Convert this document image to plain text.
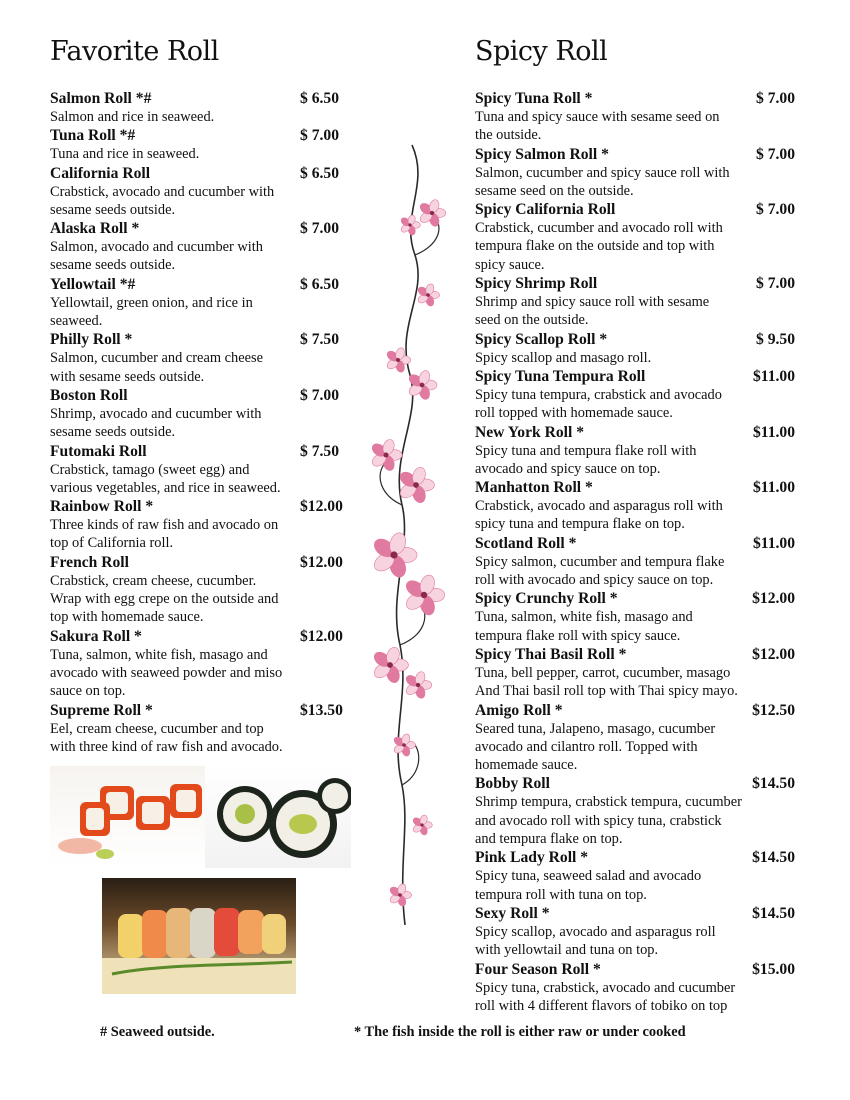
Favorite Roll
Salmon Roll *#	$ 6.50
Salmon and rice in seaweed.
Tuna Roll *#	$ 7.00
Tuna and rice in seaweed.
California Roll	$ 6.50
Crabstick, avocado and cucumber with
sesame seeds outside.
Alaska Roll *	$ 7.00
Salmon, avocado and cucumber with
sesame seeds outside.
Yellowtail *#	$ 6.50
Yellowtail, green onion, and rice in
seaweed.
Philly Roll *	$ 7.50
Salmon, cucumber and cream cheese
with sesame seeds outside.
Boston Roll	$ 7.00
Shrimp, avocado and cucumber with
sesame seeds outside.
Futomaki Roll	$ 7.50
Crabstick, tamago (sweet egg) and
various vegetables, and rice in seaweed.
Rainbow Roll *	$12.00
Three kinds of raw fish and avocado on
top of California roll.
French Roll	$12.00
Crabstick, cream cheese, cucumber.
Wrap with egg crepe on the outside and
top with homemade sauce.
Sakura Roll *	$12.00
Tuna, salmon, white fish, masago and
avocado with seaweed powder and miso
sauce on top.
Supreme Roll *	$13.50
Eel, cream cheese, cucumber and top
with three kind of raw fish and avocado.
Spicy Roll
Spicy Tuna Roll *	$ 7.00
Tuna and spicy sauce with sesame seed on
the outside.
Spicy Salmon Roll *	$ 7.00
Salmon, cucumber and spicy sauce roll with
sesame seed on the outside.
Spicy California Roll	$ 7.00
Crabstick, cucumber and avocado roll with
tempura flake on the outside and top with
spicy sauce.
Spicy Shrimp Roll	$ 7.00
Shrimp and spicy sauce roll with sesame
seed on the outside.
Spicy Scallop Roll *	$ 9.50
Spicy scallop and masago roll.
Spicy Tuna Tempura Roll	$11.00
Spicy tuna tempura, crabstick and avocado
roll topped with homemade sauce.
New York Roll *	$11.00
Spicy tuna and tempura flake roll with
avocado and spicy sauce on top.
Manhatton Roll *	$11.00
Crabstick, avocado and asparagus roll with
spicy tuna and tempura flake on top.
Scotland Roll *	$11.00
Spicy salmon, cucumber and tempura flake
roll with avocado and spicy sauce on top.
Spicy Crunchy Roll *	$12.00
Tuna, salmon, white fish, masago and
tempura flake roll with spicy sauce.
Spicy Thai Basil Roll *	$12.00
Tuna, bell pepper, carrot, cucumber, masago
And Thai basil roll top with Thai spicy mayo.
Amigo Roll *	$12.50
Seared tuna, Jalapeno, masago, cucumber
avocado and cilantro roll. Topped with
homemade sauce.
Bobby Roll	$14.50
Shrimp tempura, crabstick tempura, cucumber
and avocado roll with spicy tuna, crabstick
and tempura flake on top.
Pink Lady Roll *	$14.50
Spicy tuna, seaweed salad and avocado
tempura roll with tuna on top.
Sexy Roll *	$14.50
Spicy scallop, avocado and asparagus roll
with yellowtail and tuna on top.
Four Season Roll *	$15.00
Spicy tuna, crabstick, avocado and cucumber
roll with 4 different flavors of tobiko on top
# Seaweed outside.	* The fish inside the roll is either raw or under cooked
